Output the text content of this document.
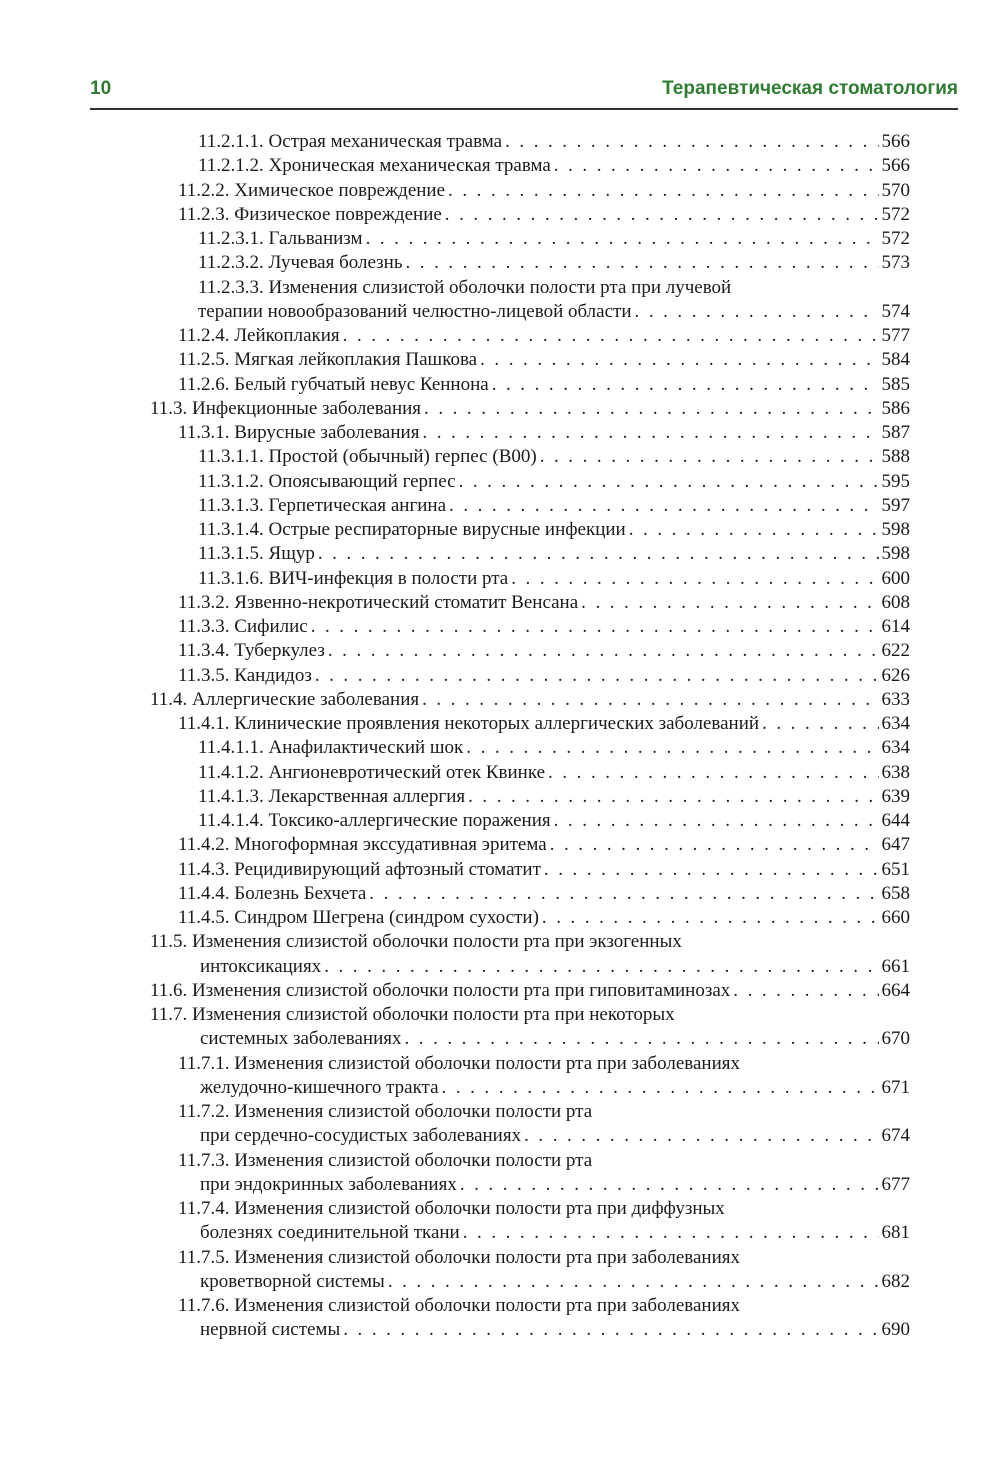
10	Терапевтическая стоматология
11.2.1.1. Острая механическая травма . . .	566
11.2.1.2. Хроническая механическая травма . . .	566
11.2.2. Химическое повреждение . . .	570
11.2.3. Физическое повреждение . . .	572
11.2.3.1. Гальванизм . . .	572
11.2.3.2. Лучевая болезнь . . .	573
11.2.3.3. Изменения слизистой оболочки полости рта при лучевой
терапии новообразований челюстно-лицевой области . . .	574
11.2.4. Лейкоплакия . . .	577
11.2.5. Мягкая лейкоплакия Пашкова . . .	584
11.2.6. Белый губчатый невус Кеннона . . .	585
11.3. Инфекционные заболевания . . .	586
11.3.1. Вирусные заболевания . . .	587
11.3.1.1. Простой (обычный) герпес (В00) . . .	588
11.3.1.2. Опоясывающий герпес . . .	595
11.3.1.3. Герпетическая ангина . . .	597
11.3.1.4. Острые респираторные вирусные инфекции . . .	598
11.3.1.5. Ящур . . .	598
11.3.1.6. ВИЧ-инфекция в полости рта . . .	600
11.3.2. Язвенно-некротический стоматит Венсана . . .	608
11.3.3. Сифилис . . .	614
11.3.4. Туберкулез . . .	622
11.3.5. Кандидоз . . .	626
11.4. Аллергические заболевания . . .	633
11.4.1. Клинические проявления некоторых аллергических заболеваний . . .	634
11.4.1.1. Анафилактический шок . . .	634
11.4.1.2. Ангионевротический отек Квинке . . .	638
11.4.1.3. Лекарственная аллергия . . .	639
11.4.1.4. Токсико-аллергические поражения . . .	644
11.4.2. Многоформная экссудативная эритема . . .	647
11.4.3. Рецидивирующий афтозный стоматит . . .	651
11.4.4. Болезнь Бехчета . . .	658
11.4.5. Синдром Шегрена (синдром сухости) . . .	660
11.5. Изменения слизистой оболочки полости рта при экзогенных
интоксикациях . . .	661
11.6. Изменения слизистой оболочки полости рта при гиповитаминозах . . .	664
11.7. Изменения слизистой оболочки полости рта при некоторых
системных заболеваниях . . .	670
11.7.1. Изменения слизистой оболочки полости рта при заболеваниях
желудочно-кишечного тракта . . .	671
11.7.2. Изменения слизистой оболочки полости рта
при сердечно-сосудистых заболеваниях . . .	674
11.7.3. Изменения слизистой оболочки полости рта
при эндокринных заболеваниях . . .	677
11.7.4. Изменения слизистой оболочки полости рта при диффузных
болезнях соединительной ткани . . .	681
11.7.5. Изменения слизистой оболочки полости рта при заболеваниях
кроветворной системы . . .	682
11.7.6. Изменения слизистой оболочки полости рта при заболеваниях
нервной системы . . .	690
